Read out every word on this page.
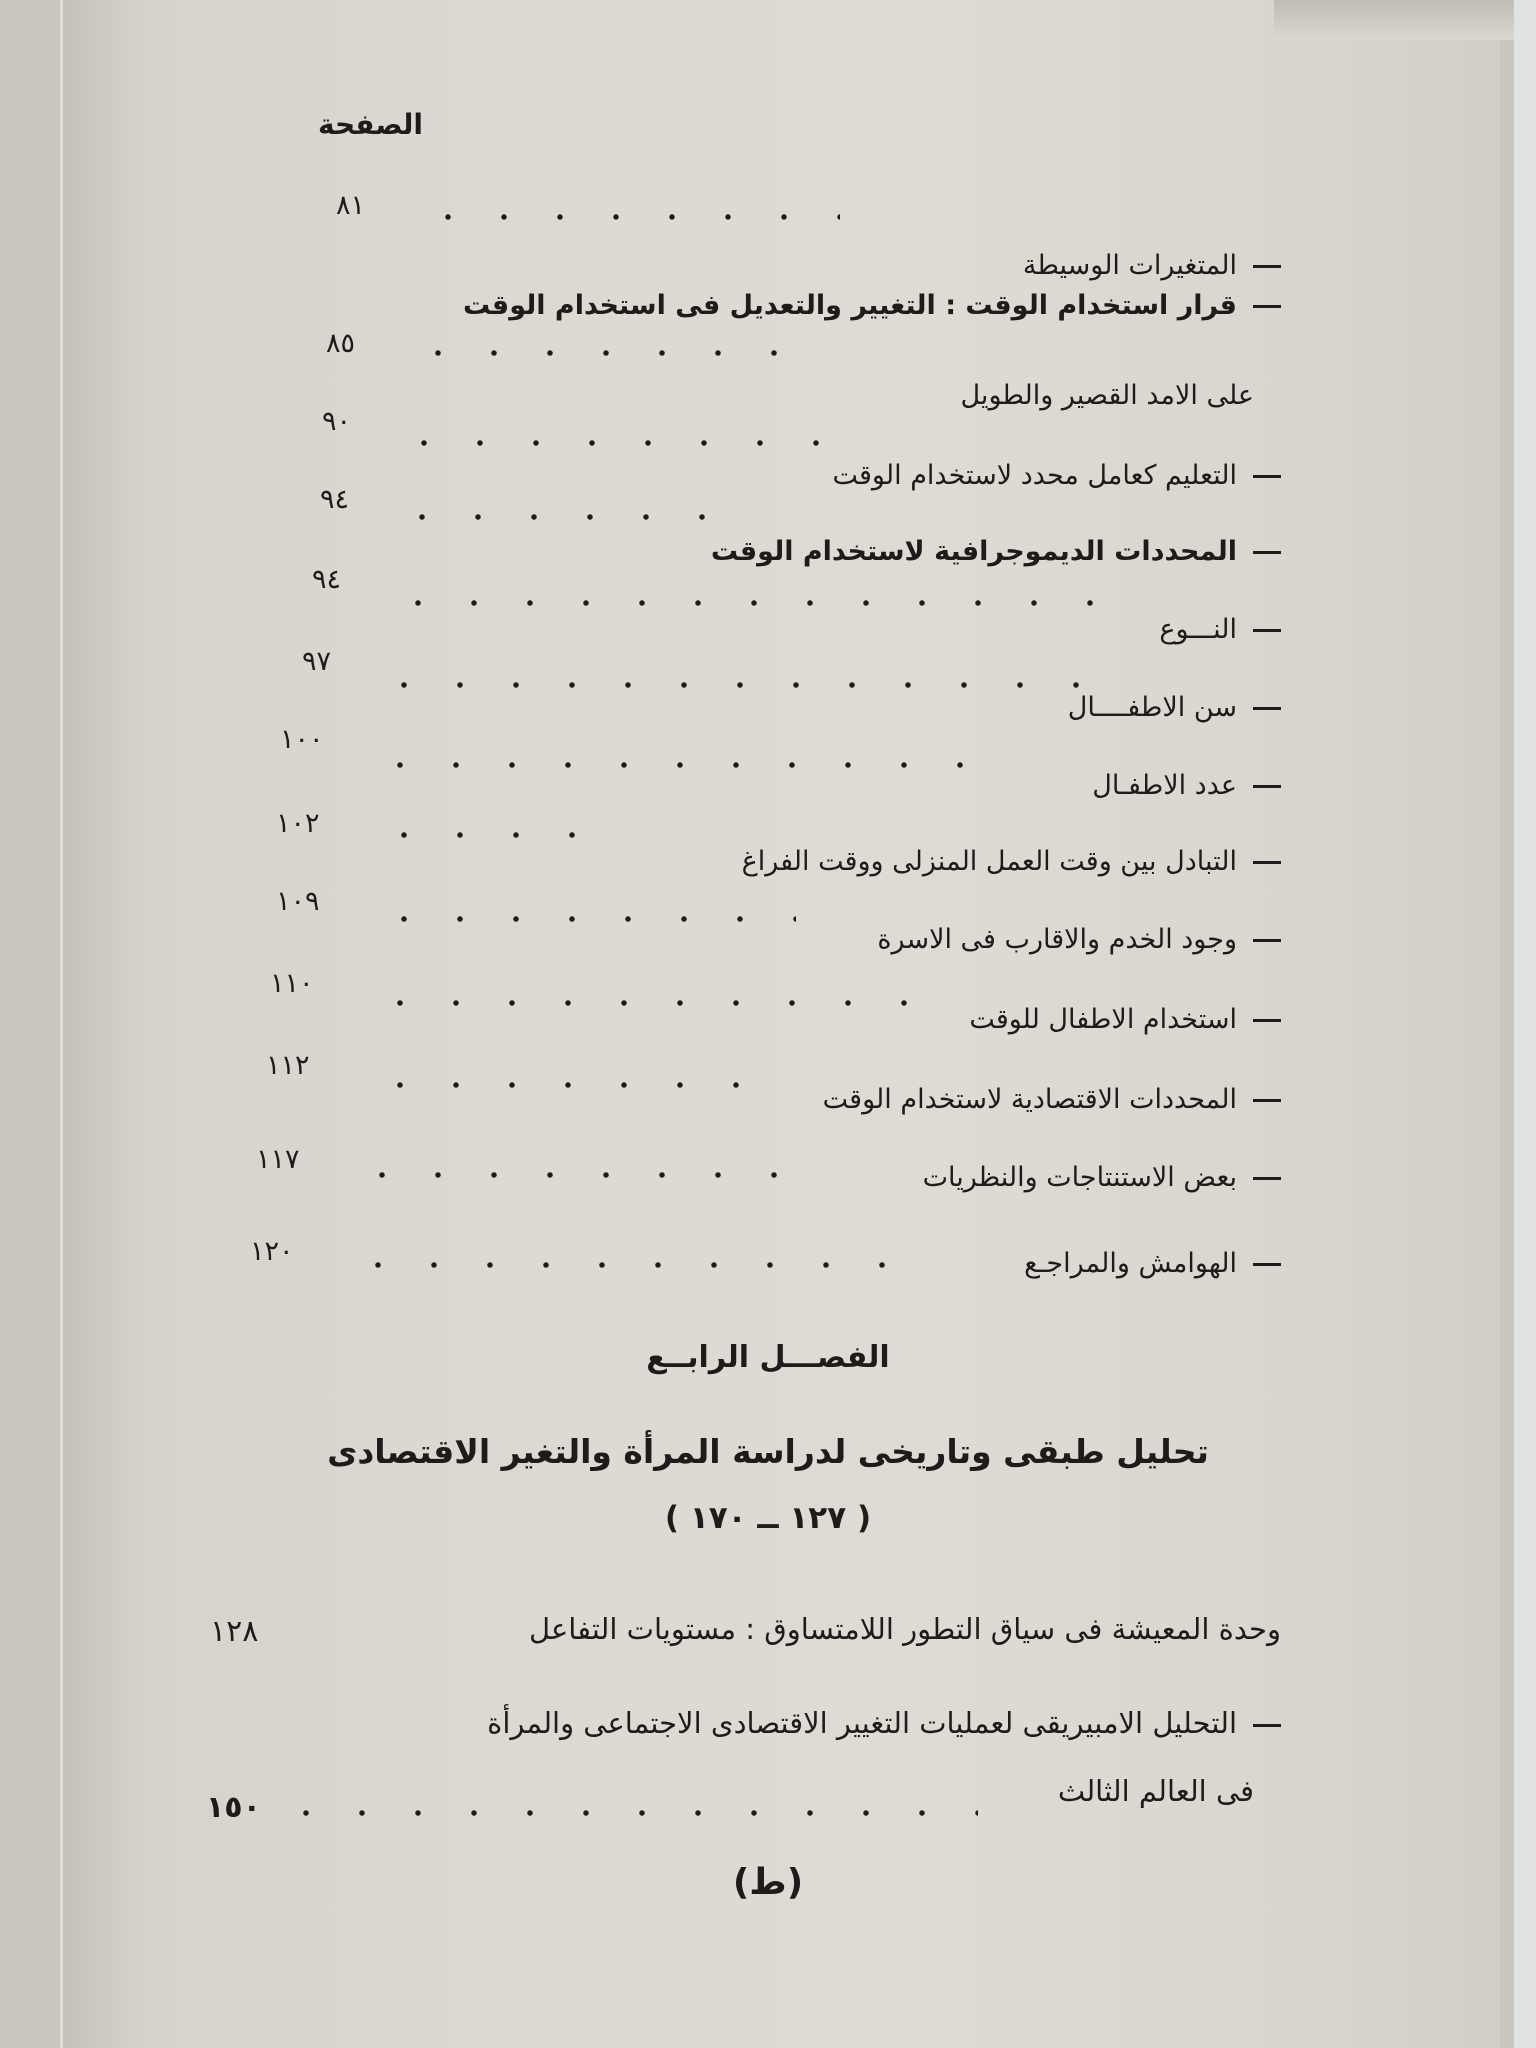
الصفحة
٨١
المتغيرات الوسيطة
قرار استخدام الوقت : التغيير والتعديل فى استخدام الوقت
٨٥
على الامد القصير والطويل
٩٠
التعليم كعامل محدد لاستخدام الوقت
٩٤
المحددات الديموجرافية لاستخدام الوقت
٩٤
النـــوع
٩٧
سن الاطفــــال
١٠٠
عدد الاطفـال
١٠٢
التبادل بين وقت العمل المنزلى ووقت الفراغ
١٠٩
وجود الخدم والاقارب فى الاسرة
١١٠
استخدام الاطفال للوقت
١١٢
المحددات الاقتصادية لاستخدام الوقت
١١٧
بعض الاستنتاجات والنظريات
١٢٠	الهوامش والمراجـع
الفصـــل الرابــع
تحليل طبقى وتاريخى لدراسة المرأة والتغير الاقتصادى
( ١٢٧ ــ ١٧٠ )
وحدة المعيشة فى سياق التطور اللامتساوق : مستويات التفاعل
١٢٨
التحليل الامبيريقى لعمليات التغيير الاقتصادى الاجتماعى والمرأة
فى العالم الثالث
١٥٠
(ط)
